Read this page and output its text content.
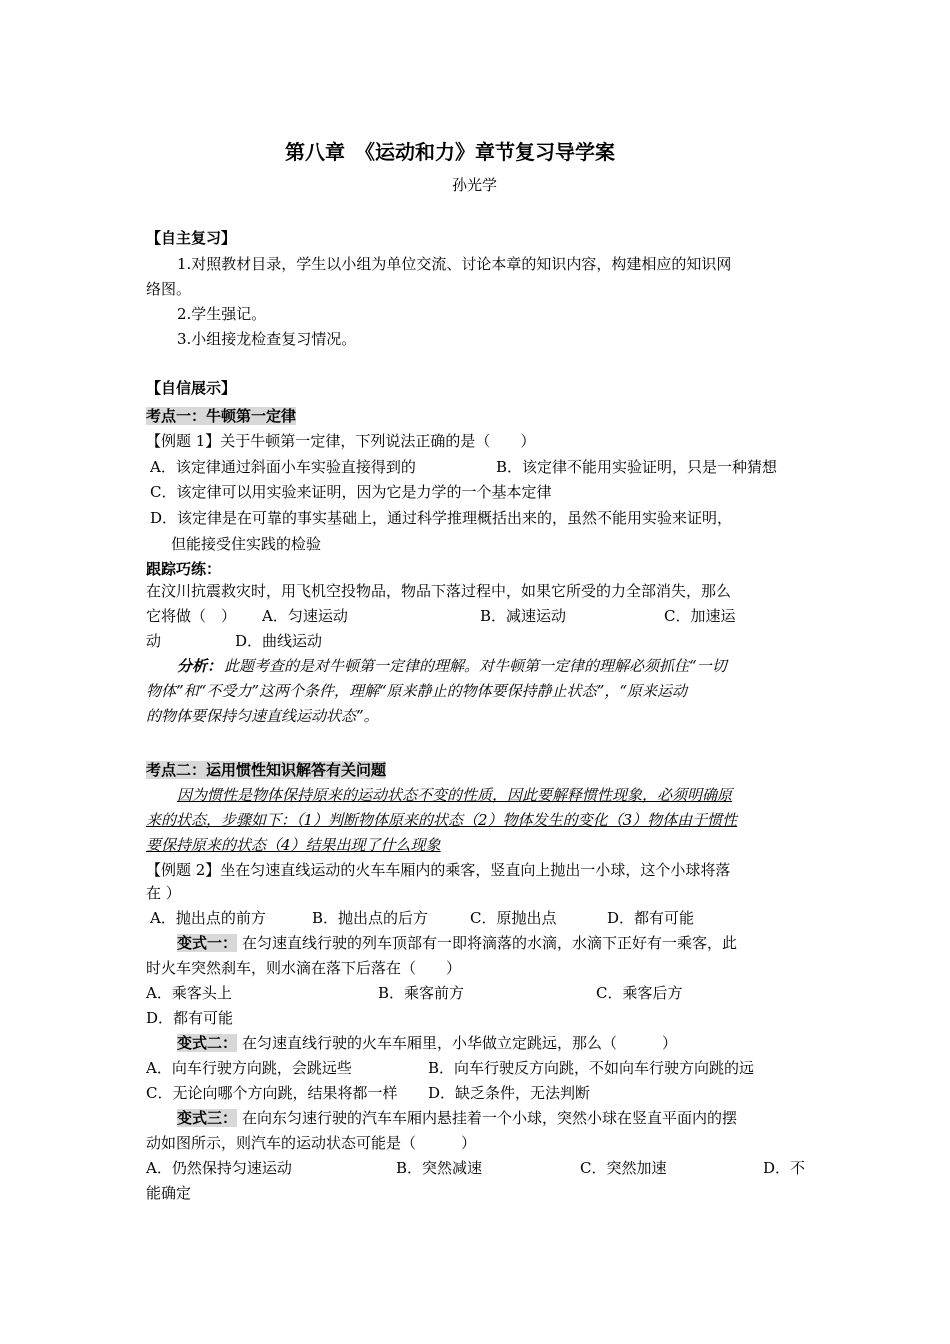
第八章　《运动和力》章节复习导学案
孙光学
【自主复习】
1.对照教材目录，学生以小组为单位交流、讨论本章的知识内容，构建相应的知识网
络图。
2.学生强记。
3.小组接龙检查复习情况。
【自信展示】
考点一：牛顿第一定律
【例题 1】关于牛顿第一定律，下列说法正确的是（　　）
A．该定律通过斜面小车实验直接得到的	B．该定律不能用实验证明，只是一种猜想
C．该定律可以用实验来证明，因为它是力学的一个基本定律
D．该定律是在可靠的事实基础上，通过科学推理概括出来的，虽然不能用实验来证明，
但能接受住实践的检验
跟踪巧练：
在汶川抗震救灾时，用飞机空投物品，物品下落过程中，如果它所受的力全部消失，那么
它将做（　） A．匀速运动	B．减速运动	C．加速运
动	D．曲线运动
分析： 此题考查的是对牛顿第一定律的理解。对牛顿第一定律的理解必须抓住“一切
物体”和“不受力”这两个条件，理解“原来静止的物体要保持静止状态”，“原来运动
的物体要保持匀速直线运动状态”。
考点二：运用惯性知识解答有关问题
因为惯性是物体保持原来的运动状态不变的性质，因此要解释惯性现象，必须明确原
来的状态，步骤如下：（1）判断物体原来的状态（2）物体发生的变化（3）物体由于惯性
要保持原来的状态（4）结果出现了什么现象
【例题 2】坐在匀速直线运动的火车车厢内的乘客，竖直向上抛出一小球，这个小球将落
在 ）
A．抛出点的前方	B．抛出点的后方	C．原抛出点	D．都有可能
变式一： 在匀速直线行驶的列车顶部有一即将滴落的水滴，水滴下正好有一乘客，此
时火车突然刹车，则水滴在落下后落在（　　）
A．乘客头上	B．乘客前方	C．乘客后方
D．都有可能
变式二： 在匀速直线行驶的火车车厢里，小华做立定跳远，那么（　　　）
A．向车行驶方向跳，会跳远些	B．向车行驶反方向跳，不如向车行驶方向跳的远
C．无论向哪个方向跳，结果将都一样 D．缺乏条件，无法判断
变式三： 在向东匀速行驶的汽车车厢内悬挂着一个小球，突然小球在竖直平面内的摆
动如图所示，则汽车的运动状态可能是（　　　）
A．仍然保持匀速运动	B．突然减速	C．突然加速	D．不
能确定
